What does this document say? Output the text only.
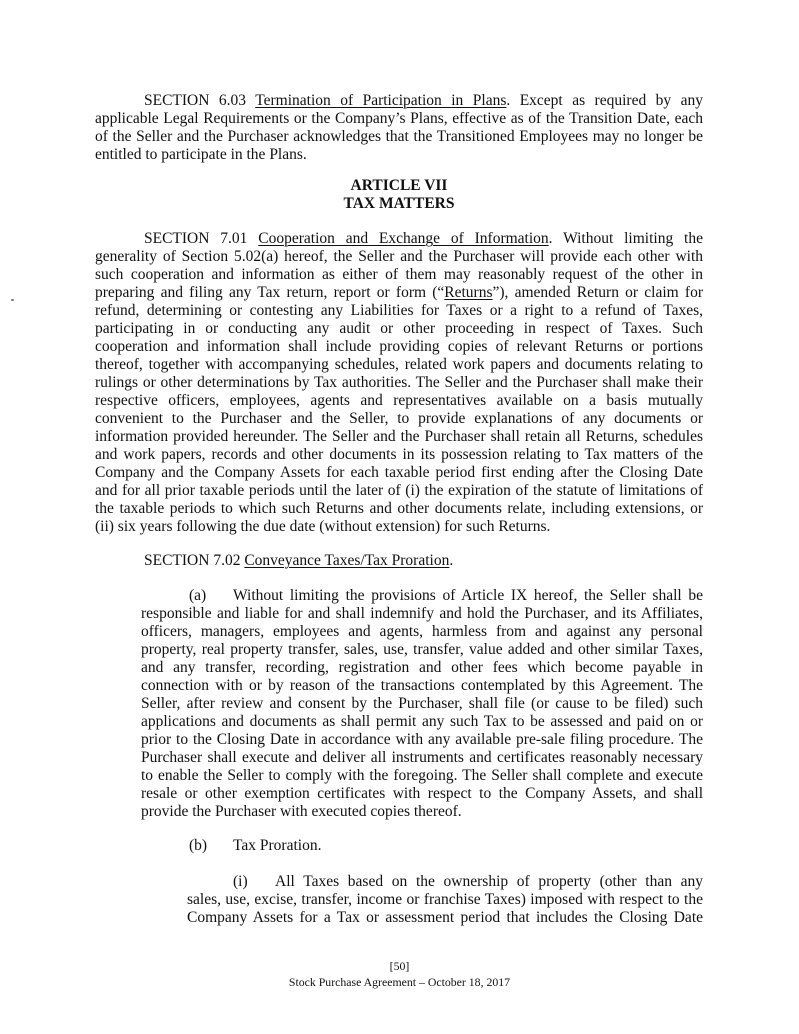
SECTION 6.03 Termination of Participation in Plans. Except as required by any
applicable Legal Requirements or the Company’s Plans, effective as of the Transition Date, each
of the Seller and the Purchaser acknowledges that the Transitioned Employees may no longer be
entitled to participate in the Plans.
ARTICLE VII
TAX MATTERS
SECTION 7.01 Cooperation and Exchange of Information. Without limiting the
generality of Section 5.02(a) hereof, the Seller and the Purchaser will provide each other with
such cooperation and information as either of them may reasonably request of the other in
preparing and filing any Tax return, report or form (“Returns”), amended Return or claim for
refund, determining or contesting any Liabilities for Taxes or a right to a refund of Taxes,
participating in or conducting any audit or other proceeding in respect of Taxes. Such
cooperation and information shall include providing copies of relevant Returns or portions
thereof, together with accompanying schedules, related work papers and documents relating to
rulings or other determinations by Tax authorities. The Seller and the Purchaser shall make their
respective officers, employees, agents and representatives available on a basis mutually
convenient to the Purchaser and the Seller, to provide explanations of any documents or
information provided hereunder. The Seller and the Purchaser shall retain all Returns, schedules
and work papers, records and other documents in its possession relating to Tax matters of the
Company and the Company Assets for each taxable period first ending after the Closing Date
and for all prior taxable periods until the later of (i) the expiration of the statute of limitations of
the taxable periods to which such Returns and other documents relate, including extensions, or
(ii) six years following the due date (without extension) for such Returns.
SECTION 7.02 Conveyance Taxes/Tax Proration.
(a)	Without limiting the provisions of Article IX hereof, the Seller shall be
responsible and liable for and shall indemnify and hold the Purchaser, and its Affiliates,
officers, managers, employees and agents, harmless from and against any personal
property, real property transfer, sales, use, transfer, value added and other similar Taxes,
and any transfer, recording, registration and other fees which become payable in
connection with or by reason of the transactions contemplated by this Agreement. The
Seller, after review and consent by the Purchaser, shall file (or cause to be filed) such
applications and documents as shall permit any such Tax to be assessed and paid on or
prior to the Closing Date in accordance with any available pre-sale filing procedure. The
Purchaser shall execute and deliver all instruments and certificates reasonably necessary
to enable the Seller to comply with the foregoing. The Seller shall complete and execute
resale or other exemption certificates with respect to the Company Assets, and shall
provide the Purchaser with executed copies thereof.
(b)	Tax Proration.
(i)	All Taxes based on the ownership of property (other than any
sales, use, excise, transfer, income or franchise Taxes) imposed with respect to the
Company Assets for a Tax or assessment period that includes the Closing Date
[50]
Stock Purchase Agreement – October 18, 2017
